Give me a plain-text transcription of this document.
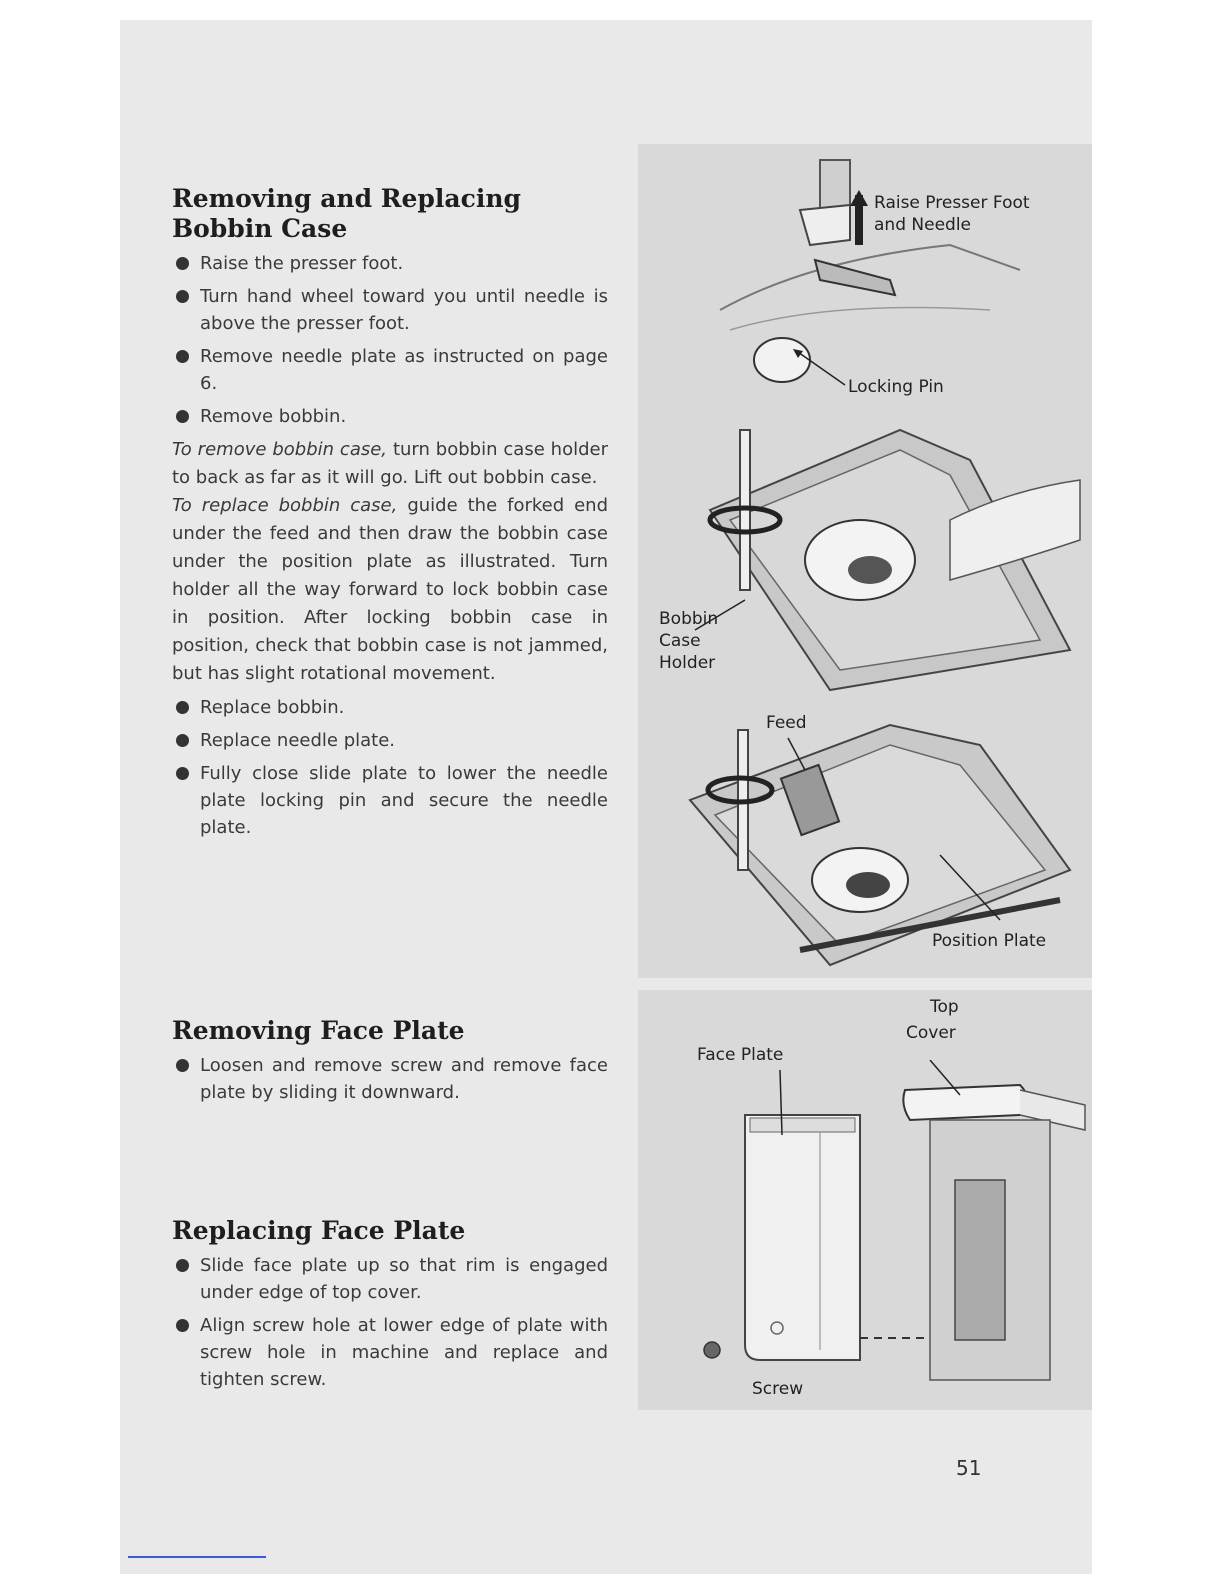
Removing and Replacing
Bobbin Case
Raise the presser foot.
Turn hand wheel toward you until needle is above the presser foot.
Remove needle plate as instructed on page 6.
Remove bobbin.
To remove bobbin case, turn bobbin case holder to back as far as it will go. Lift out bobbin case.
To replace bobbin case, guide the forked end under the feed and then draw the bobbin case under the position plate as illustrated. Turn holder all the way forward to lock bobbin case in position. After locking bobbin case in position, check that bobbin case is not jammed, but has slight rotational movement.
Replace bobbin.
Replace needle plate.
Fully close slide plate to lower the needle plate locking pin and secure the needle plate.
Removing Face Plate
Loosen and remove screw and remove face plate by sliding it downward.
Replacing Face Plate
Slide face plate up so that rim is engaged under edge of top cover.
Align screw hole at lower edge of plate with screw hole in machine and replace and tighten screw.
Raise Presser Foot
and Needle
Locking Pin
Bobbin
Case
Holder
Feed
Position Plate
Top
Cover
Face Plate
Screw
51
